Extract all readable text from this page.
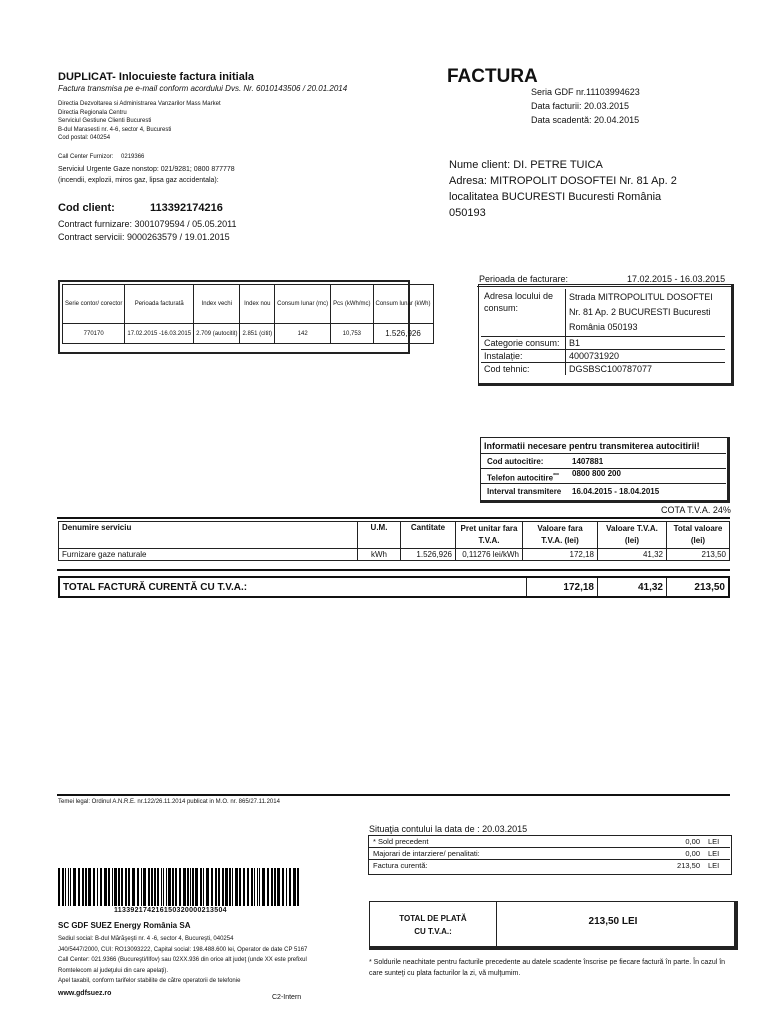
DUPLICAT- Inlocuieste factura initiala
Factura transmisa pe e-mail conform acordului Dvs. Nr. 6010143506 / 20.01.2014
Directia Dezvoltarea si Administrarea Vanzarilor Mass Market
Directia Regionala Centru
Serviciul Gestiune Clienti Bucuresti
B-dul Marasesti nr. 4-6, sector 4, Bucuresti
Cod postal: 040254
Call Center Furnizor: 0219366
Serviciul Urgente Gaze nonstop: 021/9281; 0800 877778
(incendii, explozii, miros gaz, lipsa gaz accidentala):
Cod client:	113392174216
Contract furnizare: 3001079594 / 05.05.2011
Contract servicii: 9000263579 / 19.01.2015
FACTURA
Seria GDF nr.11103994623
Data facturii: 20.03.2015
Data scadentă: 20.04.2015
Nume client: DI. PETRE TUICA
Adresa: MITROPOLIT DOSOFTEI Nr. 81 Ap. 2
localitatea BUCURESTI Bucuresti România
050193
Serie contor/ corector	Perioada facturată	Index vechi	Index nou	Consum lunar (mc)	Pcs (kWh/mc)	Consum lunar (kWh)
770170	17.02.2015 -16.03.2015	2.709 (autocitit)	2.851 (citit)	142	10,753	1.526,926
Perioada de facturare:	17.02.2015 - 16.03.2015
Adresa locului de consum:	Strada MITROPOLITUL DOSOFTEI Nr. 81 Ap. 2 BUCURESTI Bucuresti România 050193
Categorie consum:	B1
Instalație:	4000731920
Cod tehnic:	DGSBSC100787077
Informatii necesare pentru transmiterea autocitirii!
Cod autocitire:	1407881
Telefon autocitire*** 0800 800 200
Interval transmitere 16.04.2015 - 18.04.2015
COTA T.V.A. 24%
Denumire serviciu	U.M.	Cantitate	Pret unitar fara T.V.A.	Valoare fara T.V.A. (lei)	Valoare T.V.A. (lei)	Total valoare (lei)
Furnizare gaze naturale	kWh	1.526,926	0,11276 lei/kWh	172,18	41,32	213,50
TOTAL FACTURĂ CURENTĂ CU T.V.A.:	172,18	41,32	213,50
Temei legal: Ordinul A.N.R.E. nr.122/26.11.2014 publicat in M.O. nr. 865/27.11.2014
Situaţia contului la data de : 20.03.2015
* Sold precedent	0,00	LEI
Majorari de intarziere/ penalitati:	0,00	LEI
Factura curentă:	213,50	LEI
TOTAL DE PLATĂ
CU T.V.A.:
213,50 LEI
* Soldurile neachitate pentru facturile precedente au datele scadente înscrise pe fiecare factură în parte. În cazul în care sunteţi cu plata facturilor la zi, vă mulţumim.
113392174216150320000213504
SC GDF SUEZ Energy România SA
Sediul social: B-dul Mărăşeşti nr. 4 -6, sector 4, Bucureşti, 040254
J40/5447/2000, CUI: RO13093222, Capital social: 198.488.600 lei, Operator de date CP 5167
Call Center: 021.9366 (Bucureşti/Ilfov) sau 02XX.936 din orice alt judeţ (unde XX este prefixul
Romtelecom al judeţului din care apelaţi).
Apel taxabil, conform tarifelor stabilite de către operatorii de telefonie
www.gdfsuez.ro
C2-Intern
